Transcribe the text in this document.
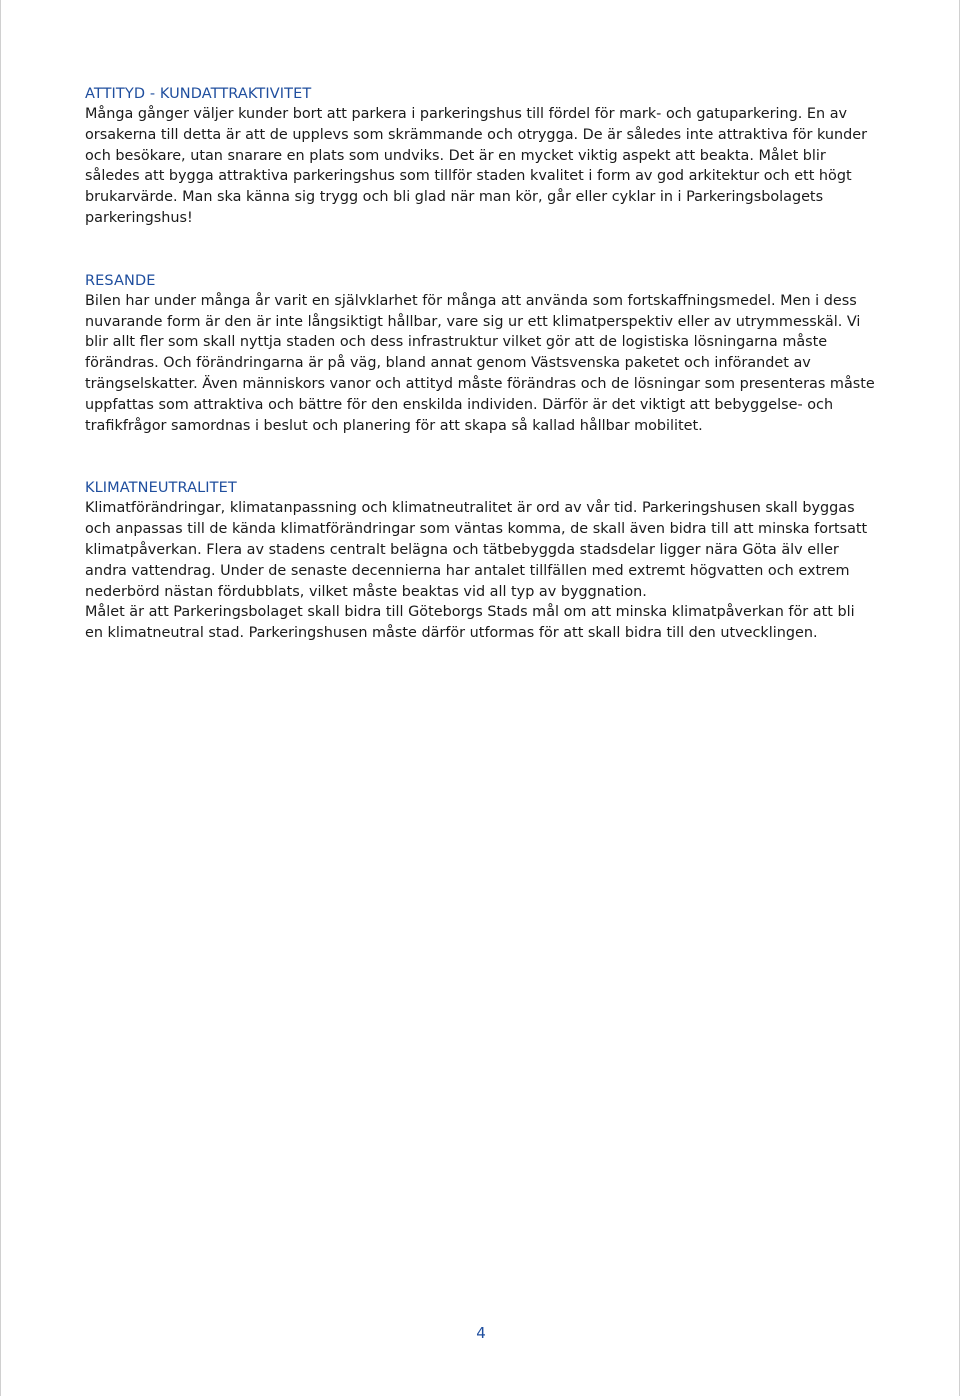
ATTITYD - KUNDATTRAKTIVITET

Många gånger väljer kunder bort att parkera i parkeringshus till fördel för mark- och gatuparkering. En av orsakerna till detta är att de upplevs som skrämmande och otrygga. De är således inte attraktiva för kunder och besökare, utan snarare en plats som undviks. Det är en mycket viktig aspekt att beakta. Målet blir således att bygga attraktiva parkeringshus som tillför staden kvalitet i form av god arkitektur och ett högt brukarvärde. Man ska känna sig trygg och bli glad när man kör, går eller cyklar in i Parkeringsbolagets parkeringshus!

RESANDE

Bilen har under många år varit en självklarhet för många att använda som fortskaffningsmedel. Men i dess nuvarande form är den är inte långsiktigt hållbar, vare sig ur ett klimatperspektiv eller av utrymmesskäl. Vi blir allt fler som skall nyttja staden och dess infrastruktur vilket gör att de logistiska lösningarna måste förändras. Och förändringarna är på väg, bland annat genom Västsvenska paketet och införandet av trängselskatter. Även människors vanor och attityd måste förändras och de lösningar som presenteras måste uppfattas som attraktiva och bättre för den enskilda individen. Därför är det viktigt att bebyggelse- och trafikfrågor samordnas i beslut och planering för att skapa så kallad hållbar mobilitet.

KLIMATNEUTRALITET

Klimatförändringar, klimatanpassning och klimatneutralitet är ord av vår tid. Parkeringshusen skall byggas och anpassas till de kända klimatförändringar som väntas komma, de skall även bidra till att minska fortsatt klimatpåverkan. Flera av stadens centralt belägna och tätbebyggda stadsdelar ligger nära Göta älv eller andra vattendrag. Under de senaste decennierna har antalet tillfällen med extremt högvatten och extrem nederbörd nästan fördubblats, vilket måste beaktas vid all typ av byggnation.

Målet är att Parkeringsbolaget skall bidra till Göteborgs Stads mål om att minska klimatpåverkan för att bli en klimatneutral stad. Parkeringshusen måste därför utformas för att skall bidra till den utvecklingen.

4
